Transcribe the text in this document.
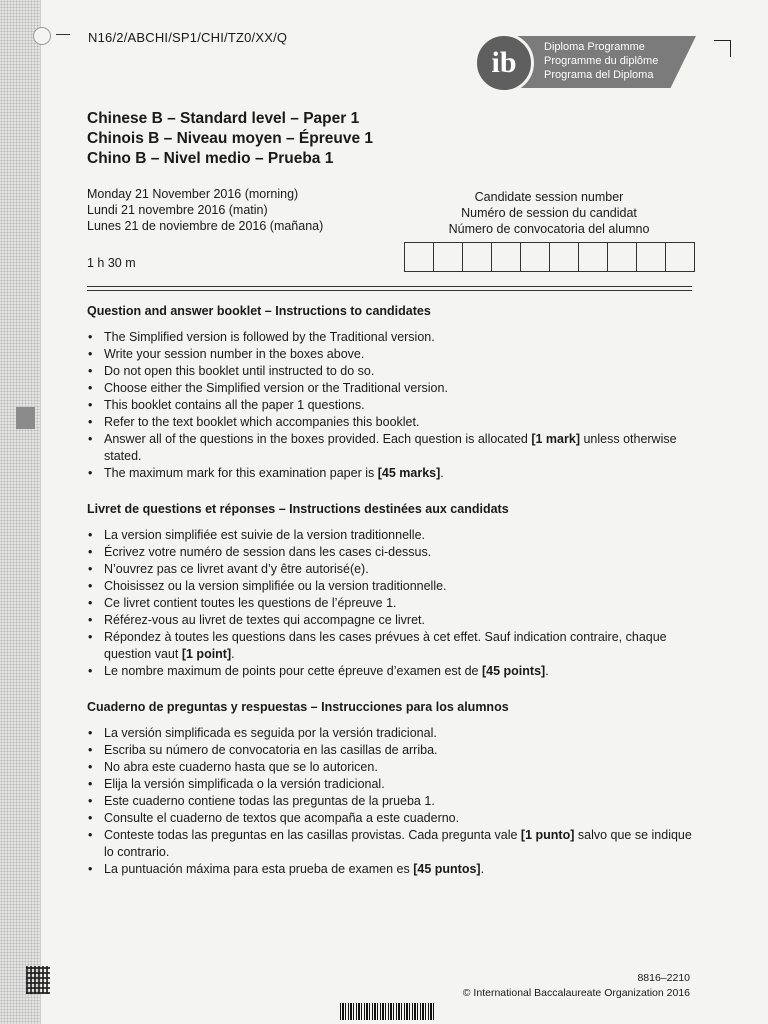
N16/2/ABCHI/SP1/CHI/TZ0/XX/Q
Diploma Programme
Programme du diplôme
Programa del Diploma
ib
Chinese B – Standard level – Paper 1
Chinois B – Niveau moyen – Épreuve 1
Chino B – Nivel medio – Prueba 1
Monday 21 November 2016 (morning)
Lundi 21 novembre 2016 (matin)
Lunes 21 de noviembre de 2016 (mañana)
1 h 30 m
Candidate session number
Numéro de session du candidat
Número de convocatoria del alumno
Question and answer booklet – Instructions to candidates
• The Simplified version is followed by the Traditional version.
• Write your session number in the boxes above.
• Do not open this booklet until instructed to do so.
• Choose either the Simplified version or the Traditional version.
• This booklet contains all the paper 1 questions.
• Refer to the text booklet which accompanies this booklet.
• Answer all of the questions in the boxes provided. Each question is allocated [1 mark] unless otherwise stated.
• The maximum mark for this examination paper is [45 marks].
Livret de questions et réponses – Instructions destinées aux candidats
• La version simplifiée est suivie de la version traditionnelle.
• Écrivez votre numéro de session dans les cases ci-dessus.
• N’ouvrez pas ce livret avant d’y être autorisé(e).
• Choisissez ou la version simplifiée ou la version traditionnelle.
• Ce livret contient toutes les questions de l’épreuve 1.
• Référez-vous au livret de textes qui accompagne ce livret.
• Répondez à toutes les questions dans les cases prévues à cet effet. Sauf indication contraire, chaque question vaut [1 point].
• Le nombre maximum de points pour cette épreuve d’examen est de [45 points].
Cuaderno de preguntas y respuestas – Instrucciones para los alumnos
• La versión simplificada es seguida por la versión tradicional.
• Escriba su número de convocatoria en las casillas de arriba.
• No abra este cuaderno hasta que se lo autoricen.
• Elija la versión simplificada o la versión tradicional.
• Este cuaderno contiene todas las preguntas de la prueba 1.
• Consulte el cuaderno de textos que acompaña a este cuaderno.
• Conteste todas las preguntas en las casillas provistas. Cada pregunta vale [1 punto] salvo que se indique lo contrario.
• La puntuación máxima para esta prueba de examen es [45 puntos].
8816–2210
© International Baccalaureate Organization 2016
